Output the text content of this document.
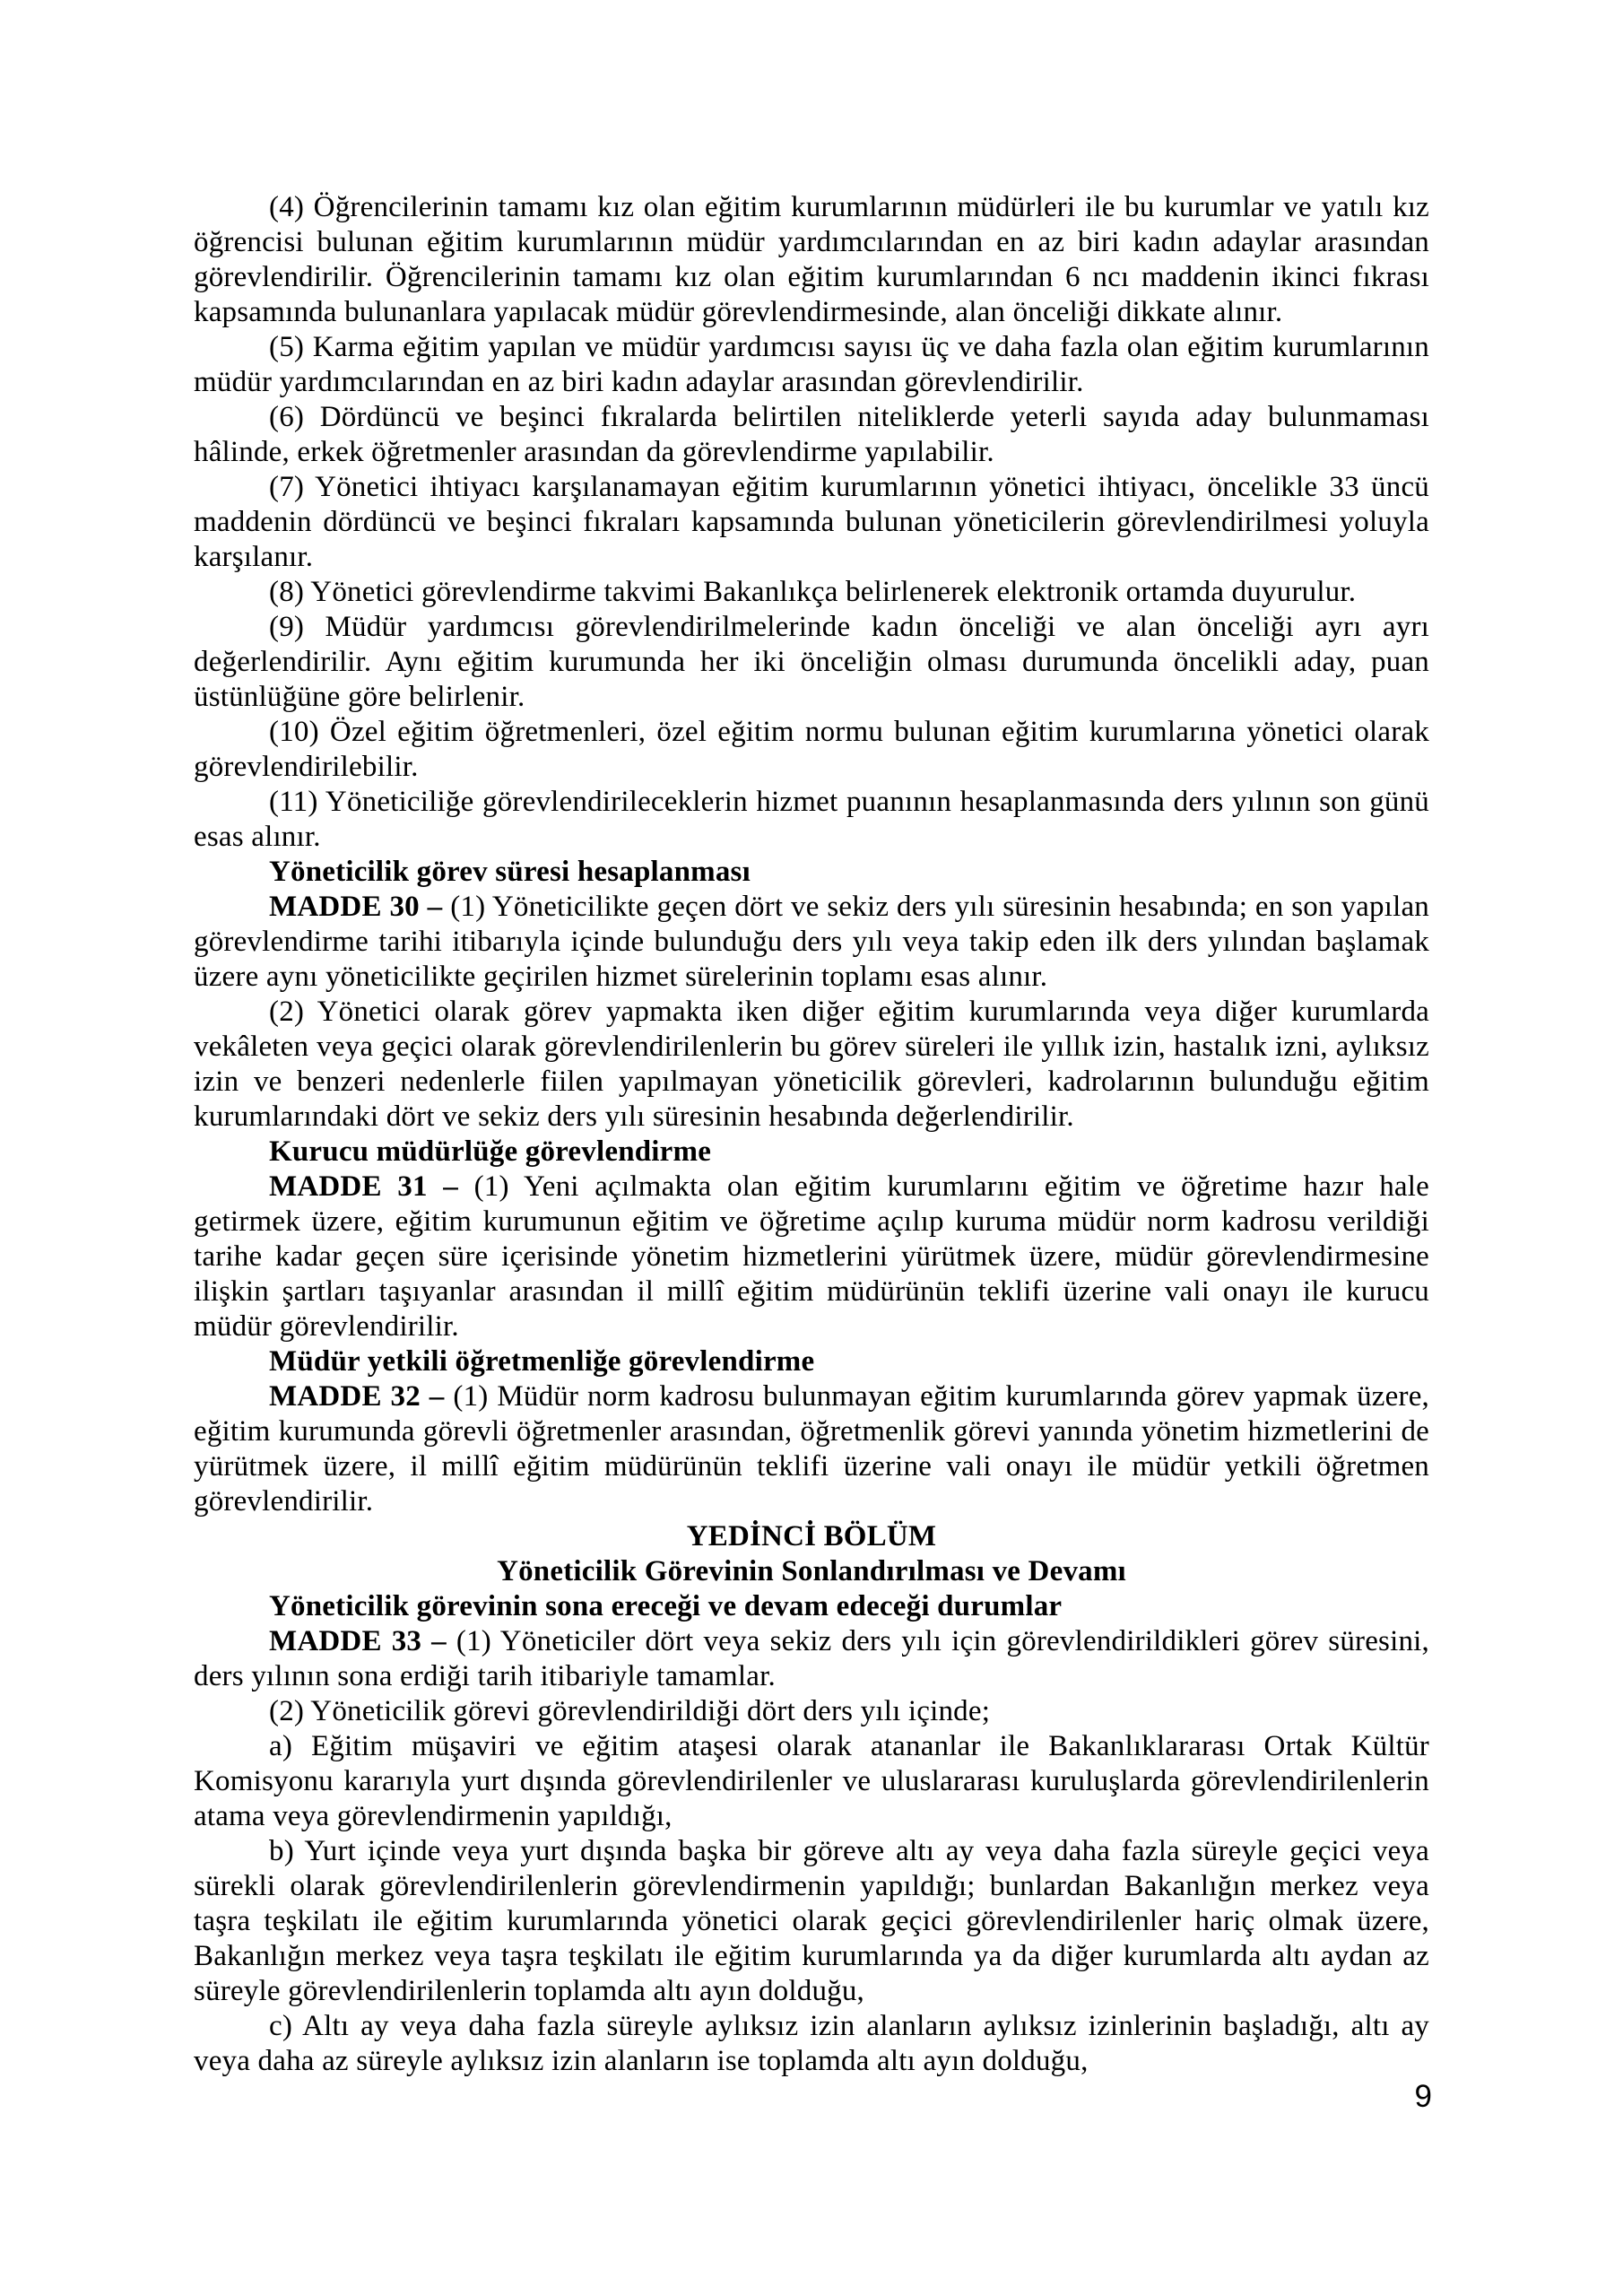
(4) Öğrencilerinin tamamı kız olan eğitim kurumlarının müdürleri ile bu kurumlar ve yatılı kız öğrencisi bulunan eğitim kurumlarının müdür yardımcılarından en az biri kadın adaylar arasından görevlendirilir. Öğrencilerinin tamamı kız olan eğitim kurumlarından 6 ncı maddenin ikinci fıkrası kapsamında bulunanlara yapılacak müdür görevlendirmesinde, alan önceliği dikkate alınır.
(5) Karma eğitim yapılan ve müdür yardımcısı sayısı üç ve daha fazla olan eğitim kurumlarının müdür yardımcılarından en az biri kadın adaylar arasından görevlendirilir.
(6) Dördüncü ve beşinci fıkralarda belirtilen niteliklerde yeterli sayıda aday bulunmaması hâlinde, erkek öğretmenler arasından da görevlendirme yapılabilir.
(7) Yönetici ihtiyacı karşılanamayan eğitim kurumlarının yönetici ihtiyacı, öncelikle 33 üncü maddenin dördüncü ve beşinci fıkraları kapsamında bulunan yöneticilerin görevlendirilmesi yoluyla karşılanır.
(8) Yönetici görevlendirme takvimi Bakanlıkça belirlenerek elektronik ortamda duyurulur.
(9) Müdür yardımcısı görevlendirilmelerinde kadın önceliği ve alan önceliği ayrı ayrı değerlendirilir. Aynı eğitim kurumunda her iki önceliğin olması durumunda öncelikli aday, puan üstünlüğüne göre belirlenir.
(10) Özel eğitim öğretmenleri, özel eğitim normu bulunan eğitim kurumlarına yönetici olarak görevlendirilebilir.
(11) Yöneticiliğe görevlendirileceklerin hizmet puanının hesaplanmasında ders yılının son günü esas alınır.
Yöneticilik görev süresi hesaplanması
MADDE 30 – (1) Yöneticilikte geçen dört ve sekiz ders yılı süresinin hesabında; en son yapılan görevlendirme tarihi itibarıyla içinde bulunduğu ders yılı veya takip eden ilk ders yılından başlamak üzere aynı yöneticilikte geçirilen hizmet sürelerinin toplamı esas alınır.
(2) Yönetici olarak görev yapmakta iken diğer eğitim kurumlarında veya diğer kurumlarda vekâleten veya geçici olarak görevlendirilenlerin bu görev süreleri ile yıllık izin, hastalık izni, aylıksız izin ve benzeri nedenlerle fiilen yapılmayan yöneticilik görevleri, kadrolarının bulunduğu eğitim kurumlarındaki dört ve sekiz ders yılı süresinin hesabında değerlendirilir.
Kurucu müdürlüğe görevlendirme
MADDE 31 – (1) Yeni açılmakta olan eğitim kurumlarını eğitim ve öğretime hazır hale getirmek üzere, eğitim kurumunun eğitim ve öğretime açılıp kuruma müdür norm kadrosu verildiği tarihe kadar geçen süre içerisinde yönetim hizmetlerini yürütmek üzere, müdür görevlendirmesine ilişkin şartları taşıyanlar arasından il millî eğitim müdürünün teklifi üzerine vali onayı ile kurucu müdür görevlendirilir.
Müdür yetkili öğretmenliğe görevlendirme
MADDE 32 – (1) Müdür norm kadrosu bulunmayan eğitim kurumlarında görev yapmak üzere, eğitim kurumunda görevli öğretmenler arasından, öğretmenlik görevi yanında yönetim hizmetlerini de yürütmek üzere, il millî eğitim müdürünün teklifi üzerine vali onayı ile müdür yetkili öğretmen görevlendirilir.
YEDİNCİ BÖLÜM
Yöneticilik Görevinin Sonlandırılması ve Devamı
Yöneticilik görevinin sona ereceği ve devam edeceği durumlar
MADDE 33 – (1) Yöneticiler dört veya sekiz ders yılı için görevlendirildikleri görev süresini, ders yılının sona erdiği tarih itibariyle tamamlar.
(2) Yöneticilik görevi görevlendirildiği dört ders yılı içinde;
a) Eğitim müşaviri ve eğitim ataşesi olarak atananlar ile Bakanlıklararası Ortak Kültür Komisyonu kararıyla yurt dışında görevlendirilenler ve uluslararası kuruluşlarda görevlendirilenlerin atama veya görevlendirmenin yapıldığı,
b) Yurt içinde veya yurt dışında başka bir göreve altı ay veya daha fazla süreyle geçici veya sürekli olarak görevlendirilenlerin görevlendirmenin yapıldığı; bunlardan Bakanlığın merkez veya taşra teşkilatı ile eğitim kurumlarında yönetici olarak geçici görevlendirilenler hariç olmak üzere, Bakanlığın merkez veya taşra teşkilatı ile eğitim kurumlarında ya da diğer kurumlarda altı aydan az süreyle görevlendirilenlerin toplamda altı ayın dolduğu,
c) Altı ay veya daha fazla süreyle aylıksız izin alanların aylıksız izinlerinin başladığı, altı ay veya daha az süreyle aylıksız izin alanların ise toplamda altı ayın dolduğu,
9
